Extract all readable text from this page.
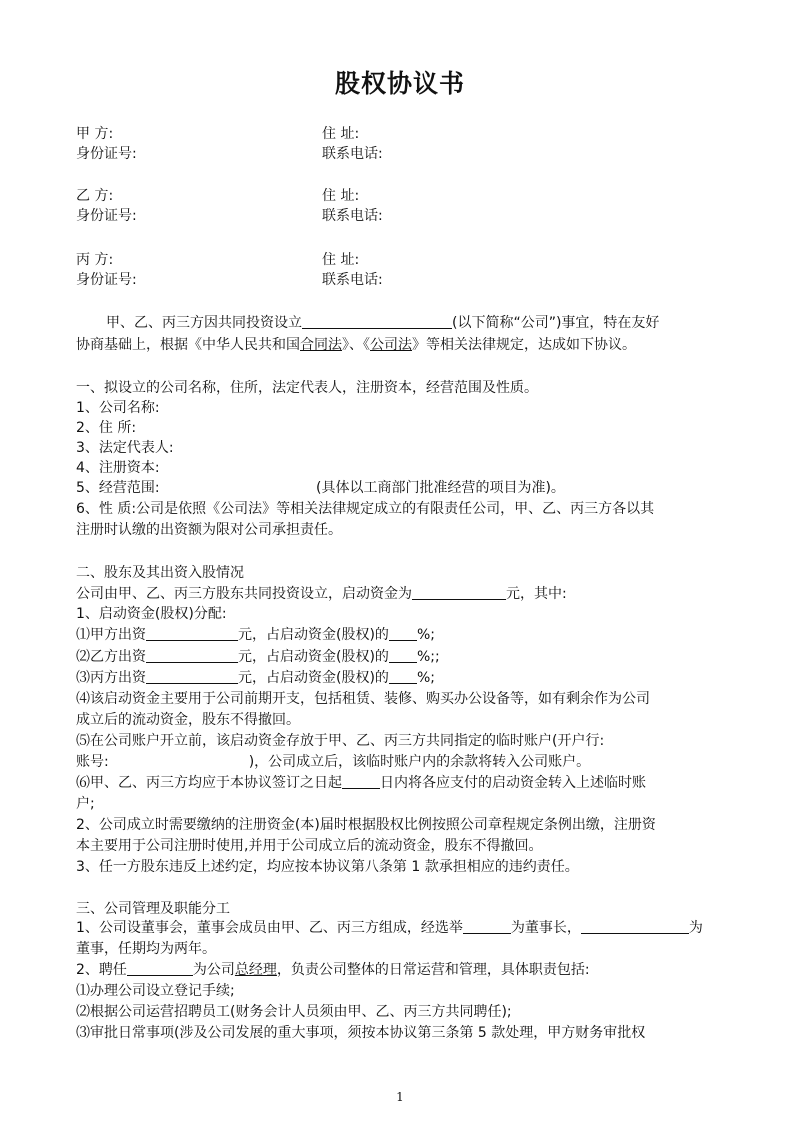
股权协议书
甲 方:	住 址:
身份证号:	联系电话:
乙 方:	住 址:
身份证号:	联系电话:
丙 方:	住 址:
身份证号:	联系电话:
甲、乙、丙三方因共同投资设立	(以下简称“公司”)事宜，特在友好
协商基础上，根据《中华人民共和国合同法》、《公司法》等相关法律规定，达成如下协议。
一、拟设立的公司名称，住所，法定代表人，注册资本，经营范围及性质。
1、公司名称:
2、住 所:
3、法定代表人:
4、注册资本:
5、经营范围:	(具体以工商部门批准经营的项目为准)。
6、性 质:公司是依照《公司法》等相关法律规定成立的有限责任公司，甲、乙、丙三方各以其
注册时认缴的出资额为限对公司承担责任。
二、股东及其出资入股情况
公司由甲、乙、丙三方股东共同投资设立，启动资金为	元，其中:
1、启动资金(股权)分配:
⑴甲方出资	元，占启动资金(股权)的 %;
⑵乙方出资	元，占启动资金(股权)的 %;;
⑶丙方出资	元，占启动资金(股权)的 %;
⑷该启动资金主要用于公司前期开支，包括租赁、装修、购买办公设备等，如有剩余作为公司
成立后的流动资金，股东不得撤回。
⑸在公司账户开立前，该启动资金存放于甲、乙、丙三方共同指定的临时账户(开户行:
账号:	)，公司成立后，该临时账户内的余款将转入公司账户。
⑹甲、乙、丙三方均应于本协议签订之日起	日内将各应支付的启动资金转入上述临时账
户;
2、公司成立时需要缴纳的注册资金(本)届时根据股权比例按照公司章程规定条例出缴，注册资
本主要用于公司注册时使用,并用于公司成立后的流动资金，股东不得撤回。
3、任一方股东违反上述约定，均应按本协议第八条第 1 款承担相应的违约责任。
三、公司管理及职能分工
1、公司设董事会，董事会成员由甲、乙、丙三方组成，经选举	为董事长，	为
董事，任期均为两年。
2、聘任	为公司总经理，负责公司整体的日常运营和管理，具体职责包括:
⑴办理公司设立登记手续;
⑵根据公司运营招聘员工(财务会计人员须由甲、乙、丙三方共同聘任);
⑶审批日常事项(涉及公司发展的重大事项，须按本协议第三条第 5 款处理，甲方财务审批权
1
